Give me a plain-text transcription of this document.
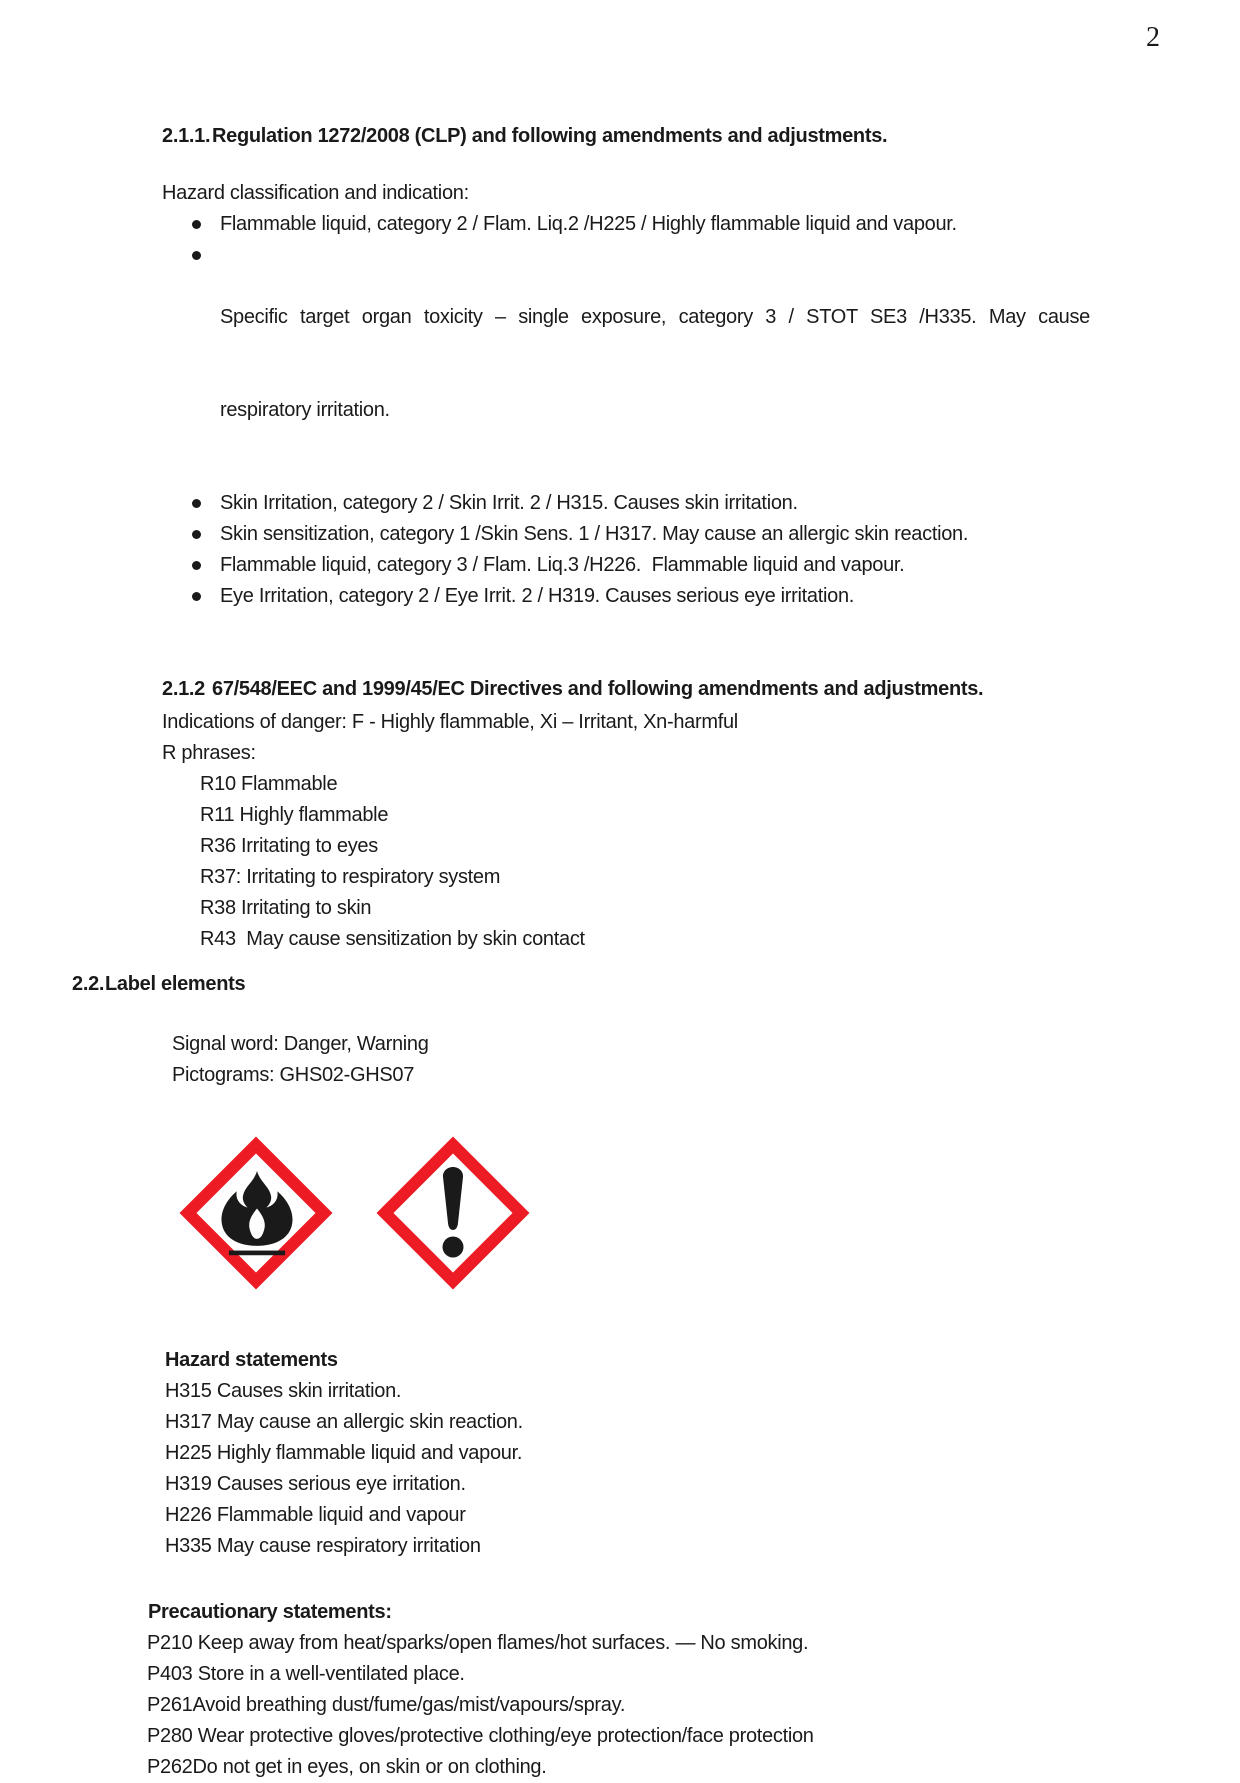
2
2.1.1.Regulation 1272/2008 (CLP) and following amendments and adjustments.
Hazard classification and indication:
Flammable liquid, category 2 / Flam. Liq.2 /H225 / Highly flammable liquid and vapour.

Specific target organ toxicity – single exposure, category 3 / STOT SE3 /H335. May cause

respiratory irritation.

Skin Irritation, category 2 / Skin Irrit. 2 / H315. Causes skin irritation.
Skin sensitization, category 1 /Skin Sens. 1 / H317. May cause an allergic skin reaction.
Flammable liquid, category 3 / Flam. Liq.3 /H226.  Flammable liquid and vapour.
Eye Irritation, category 2 / Eye Irrit. 2 / H319. Causes serious eye irritation.
2.1.2 67/548/EEC and 1999/45/EC Directives and following amendments and adjustments.
Indications of danger: F - Highly flammable, Xi – Irritant, Xn-harmful
R phrases:
R10 Flammable
R11 Highly flammable
R36 Irritating to eyes
R37: Irritating to respiratory system
R38 Irritating to skin
R43  May cause sensitization by skin contact
2.2.Label elements
Signal word: Danger, Warning
Pictograms: GHS02-GHS07
Hazard statements
H315 Causes skin irritation.
H317 May cause an allergic skin reaction.
H225 Highly flammable liquid and vapour.
H319 Causes serious eye irritation.
H226 Flammable liquid and vapour
H335 May cause respiratory irritation
Precautionary statements:
P210 Keep away from heat/sparks/open flames/hot surfaces. — No smoking.
P403 Store in a well-ventilated place.
P261Avoid breathing dust/fume/gas/mist/vapours/spray.
P280 Wear protective gloves/protective clothing/eye protection/face protection
P262Do not get in eyes, on skin or on clothing.
